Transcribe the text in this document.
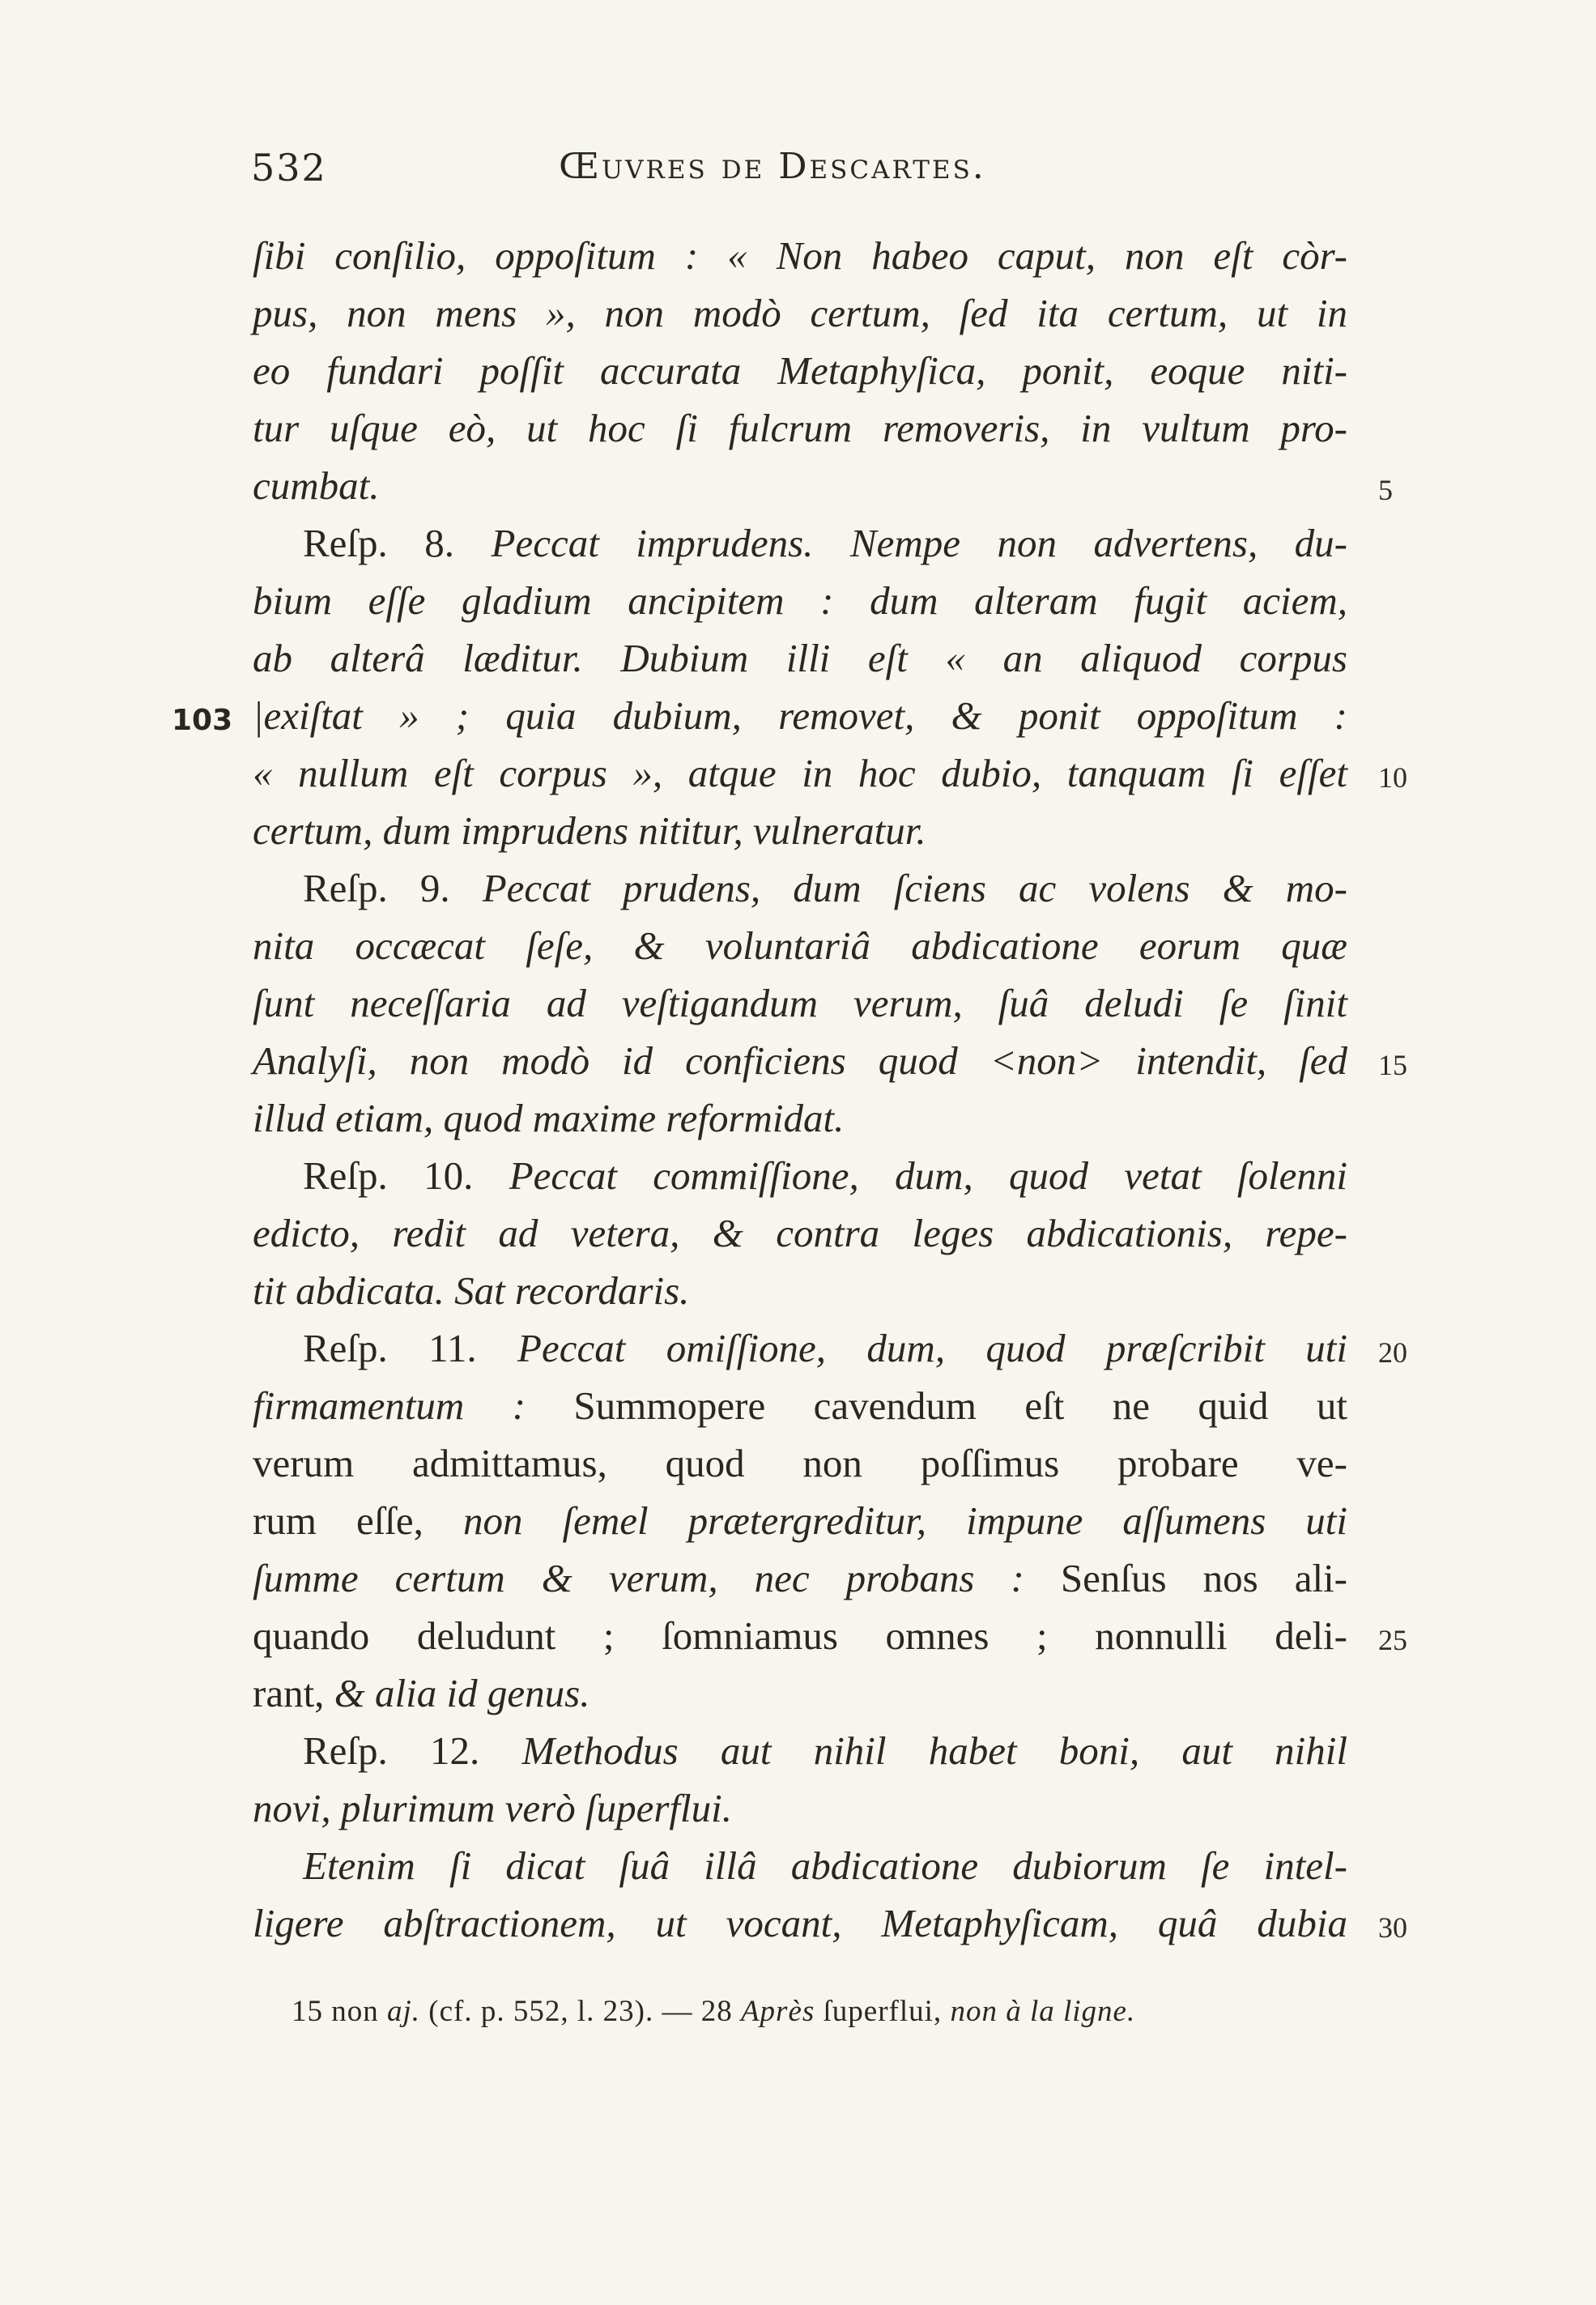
532	Œuvres de Descartes.
ſibi conſilio, oppoſitum : « Non habeo caput, non eſt còr-
pus, non mens », non modò certum, ſed ita certum, ut in
eo fundari poſſit accurata Metaphyſica, ponit, eoque niti-
tur uſque eò, ut hoc ſi fulcrum removeris, in vultum pro-
cumbat.	5
Reſp. 8. Peccat imprudens. Nempe non advertens, du-
bium eſſe gladium ancipitem : dum alteram fugit aciem,
ab alterâ læditur. Dubium illi eſt « an aliquod corpus
|exiſtat » ; quia dubium, removet, & ponit oppoſitum :
103
« nullum eſt corpus », atque in hoc dubio, tanquam ſi eſſet 10
certum, dum imprudens nititur, vulneratur.
Reſp. 9. Peccat prudens, dum ſciens ac volens & mo-
nita occæcat ſeſe, & voluntariâ abdicatione eorum quæ
ſunt neceſſaria ad veſtigandum verum, ſuâ deludi ſe ſinit
Analyſi, non modò id conficiens quod <non> intendit, ſed 15
illud etiam, quod maxime reformidat.
Reſp. 10. Peccat commiſſione, dum, quod vetat ſolenni
edicto, redit ad vetera, & contra leges abdicationis, repe-
tit abdicata. Sat recordaris.
Reſp. 11. Peccat omiſſione, dum, quod præſcribit uti 20
firmamentum : Summopere cavendum eſt ne quid ut
verum admittamus, quod non poſſimus probare ve-
rum eſſe, non ſemel prætergreditur, impune aſſumens uti
ſumme certum & verum, nec probans : Senſus nos ali-
quando deludunt ; ſomniamus omnes ; nonnulli deli- 25
rant, & alia id genus.
Reſp. 12. Methodus aut nihil habet boni, aut nihil
novi, plurimum verò ſuperflui.
Etenim ſi dicat ſuâ illâ abdicatione dubiorum ſe intel-
ligere abſtractionem, ut vocant, Metaphyſicam, quâ dubia 30
15 non aj. (cf. p. 552, l. 23). — 28 Après ſuperflui, non à la ligne.
